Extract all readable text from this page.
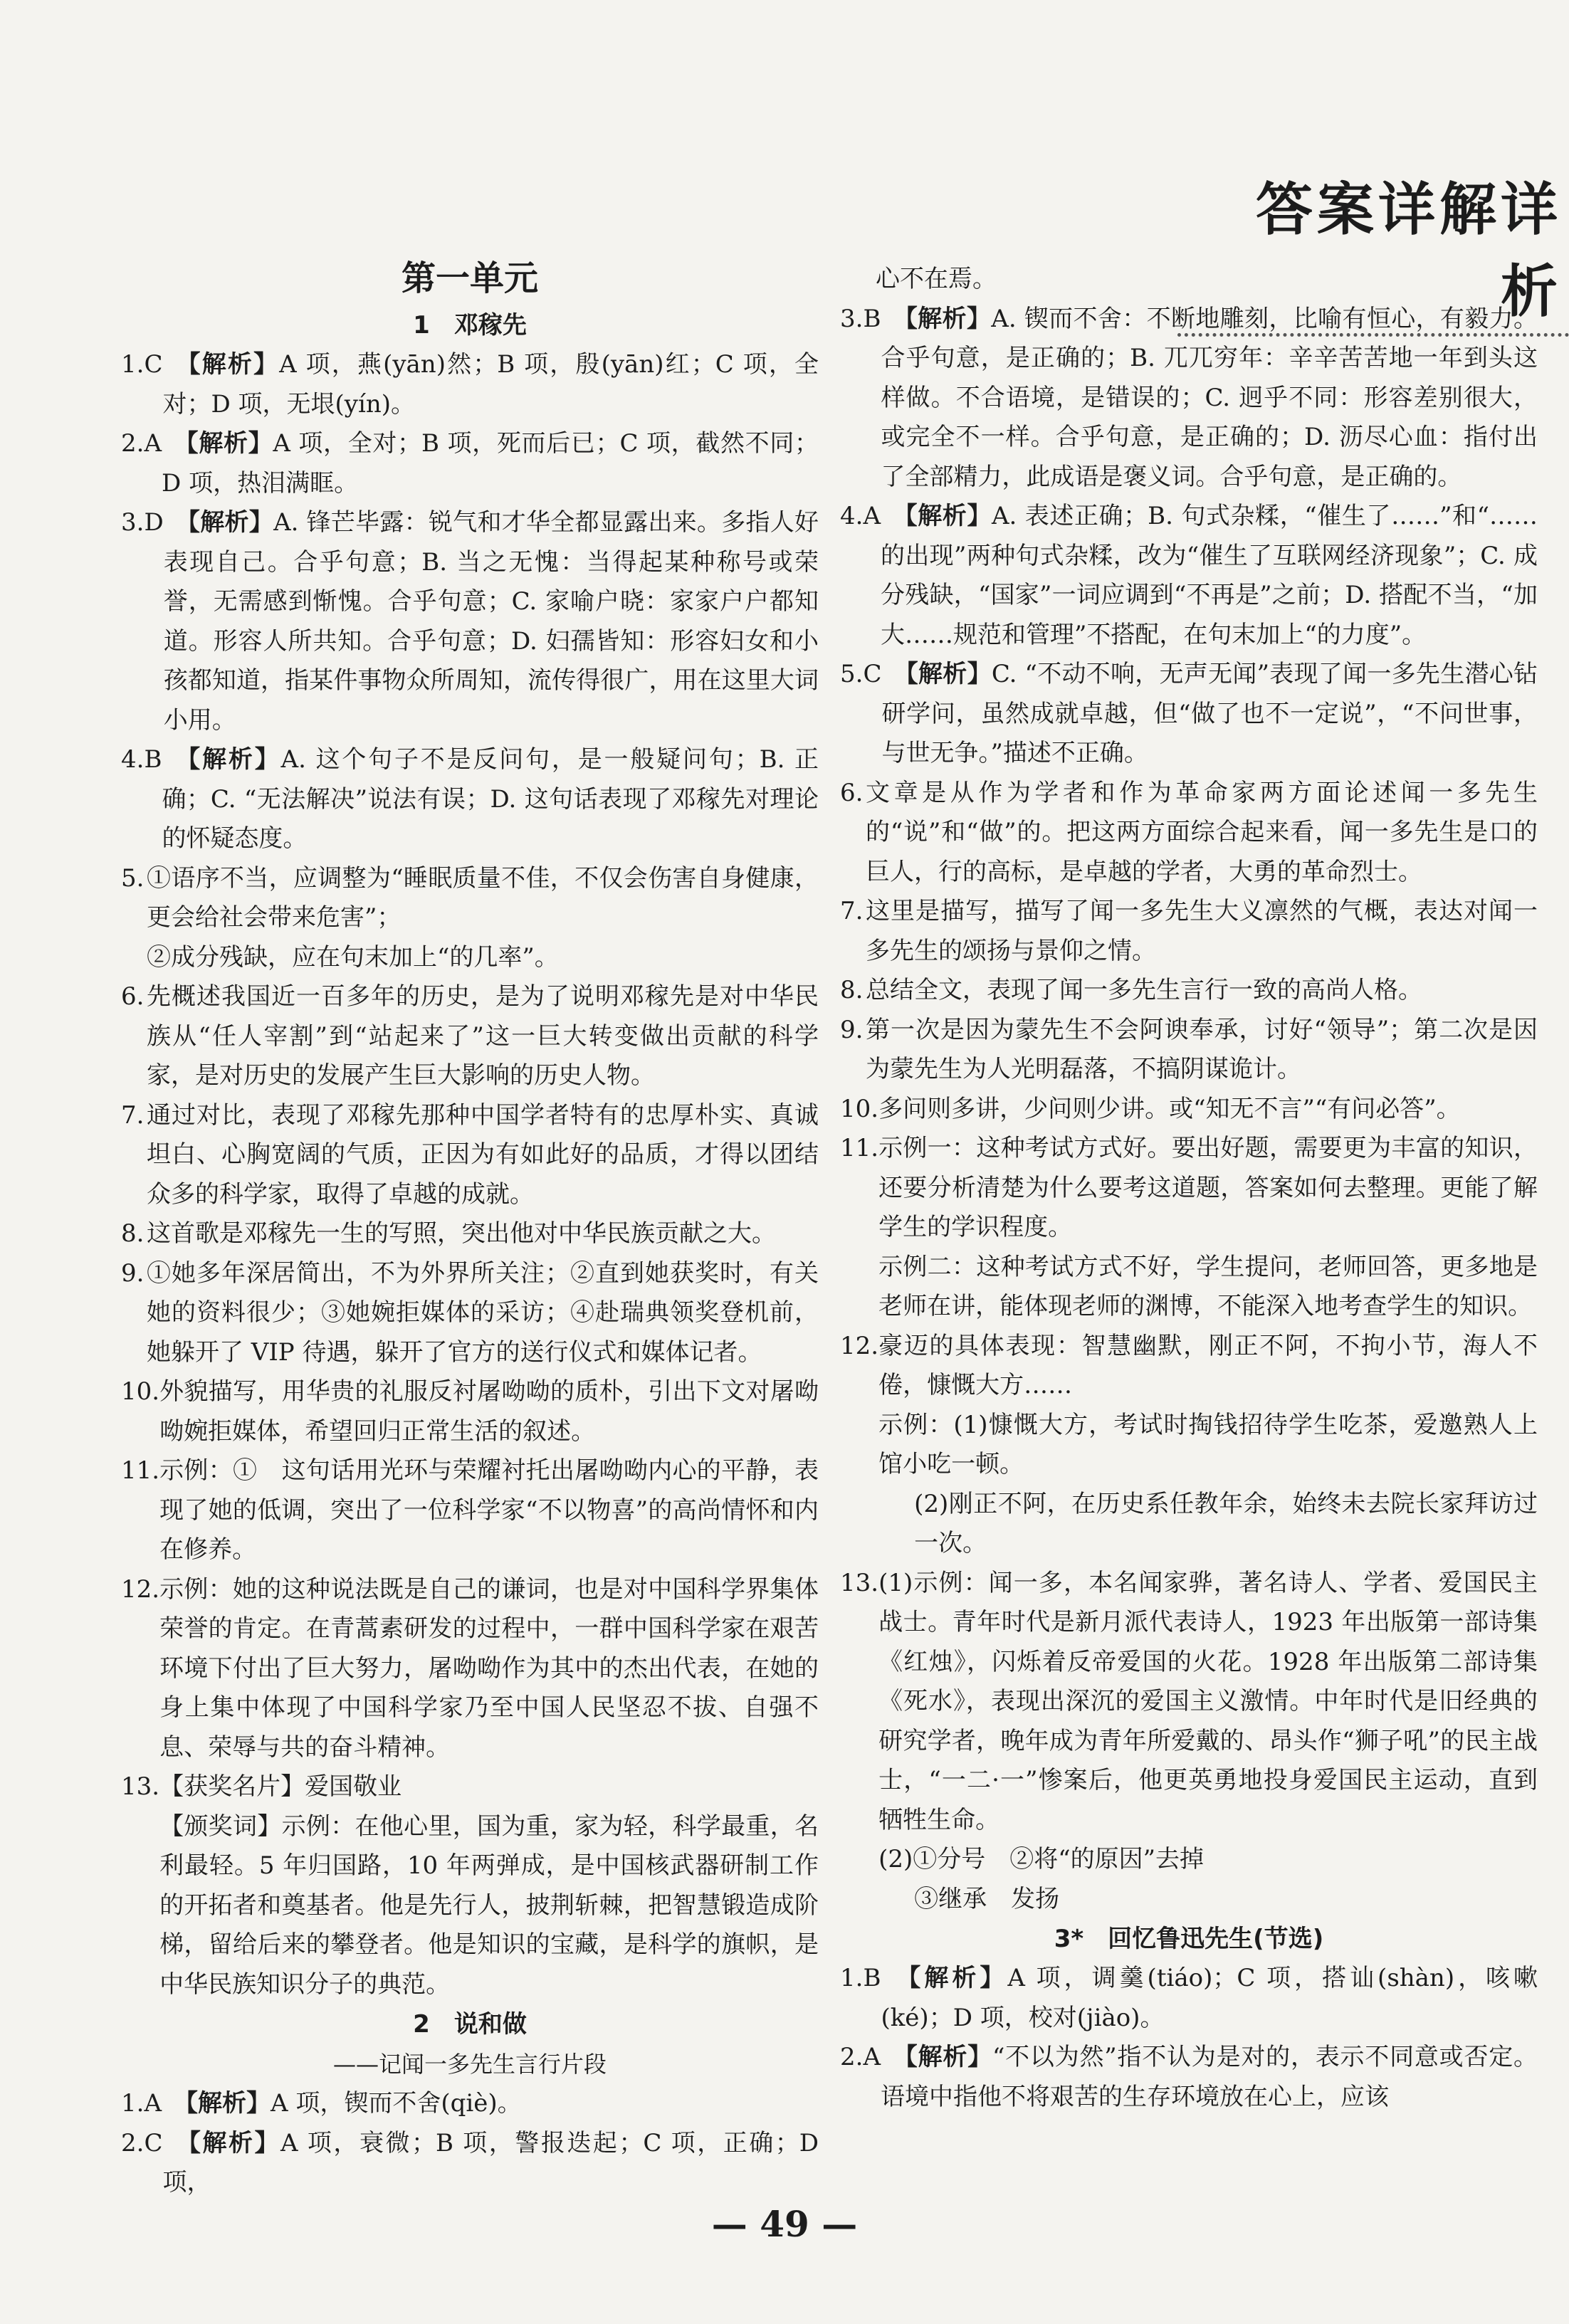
答案详解详析
第一单元
1　邓稼先
1.C
　	【解析】A 项，燕(yān)然；B 项，殷(yān)红；C 项，全对；D 项，无垠(yín)。
2.A
　	【解析】A 项，全对；B 项，死而后已；C 项，截然不同；D 项，热泪满眶。
3.D
　	【解析】A. 锋芒毕露：锐气和才华全都显露出来。多指人好表现自己。合乎句意；B. 当之无愧：当得起某种称号或荣誉，无需感到惭愧。合乎句意；C. 家喻户晓：家家户户都知道。形容人所共知。合乎句意；D. 妇孺皆知：形容妇女和小孩都知道，指某件事物众所周知，流传得很广，用在这里大词小用。
4.B
　	【解析】A. 这个句子不是反问句，是一般疑问句；B. 正确；C. “无法解决”说法有误；D. 这句话表现了邓稼先对理论的怀疑态度。
5. ①语序不当，应调整为“睡眠质量不佳，不仅会伤害自身健康，更会给社会带来危害”；
②成分残缺，应在句末加上“的几率”。
6. 先概述我国近一百多年的历史，是为了说明邓稼先是对中华民族从“任人宰割”到“站起来了”这一巨大转变做出贡献的科学家，是对历史的发展产生巨大影响的历史人物。
7. 通过对比，表现了邓稼先那种中国学者特有的忠厚朴实、真诚坦白、心胸宽阔的气质，正因为有如此好的品质，才得以团结众多的科学家，取得了卓越的成就。
8. 这首歌是邓稼先一生的写照，突出他对中华民族贡献之大。
9. ①她多年深居简出，不为外界所关注；②直到她获奖时，有关她的资料很少；③她婉拒媒体的采访；④赴瑞典领奖登机前，她躲开了 VIP 待遇，躲开了官方的送行仪式和媒体记者。
10. 外貌描写，用华贵的礼服反衬屠呦呦的质朴，引出下文对屠呦呦婉拒媒体，希望回归正常生活的叙述。
11. 示例：①　这句话用光环与荣耀衬托出屠呦呦内心的平静，表现了她的低调，突出了一位科学家“不以物喜”的高尚情怀和内在修养。
12. 示例：她的这种说法既是自己的谦词，也是对中国科学界集体荣誉的肯定。在青蒿素研发的过程中，一群中国科学家在艰苦环境下付出了巨大努力，屠呦呦作为其中的杰出代表，在她的身上集中体现了中国科学家乃至中国人民坚忍不拔、自强不息、荣辱与共的奋斗精神。
13. 【获奖名片】爱国敬业
【颁奖词】示例：在他心里，国为重，家为轻，科学最重，名利最轻。5 年归国路，10 年两弹成，是中国核武器研制工作的开拓者和奠基者。他是先行人，披荆斩棘，把智慧锻造成阶梯，留给后来的攀登者。他是知识的宝藏，是科学的旗帜，是中华民族知识分子的典范。
2　说和做
——记闻一多先生言行片段
1.A
　	【解析】A 项，锲而不舍(qiè)。
2.C
　	【解析】A 项，衰微；B 项，警报迭起；C 项，正确；D 项，
心不在焉。
3.B
　	【解析】A. 锲而不舍：不断地雕刻，比喻有恒心，有毅力。合乎句意，是正确的；B. 兀兀穷年：辛辛苦苦地一年到头这样做。不合语境，是错误的；C. 迥乎不同：形容差别很大，或完全不一样。合乎句意，是正确的；D. 沥尽心血：指付出了全部精力，此成语是褒义词。合乎句意，是正确的。
4.A
　	【解析】A. 表述正确；B. 句式杂糅，“催生了……”和“……的出现”两种句式杂糅，改为“催生了互联网经济现象”；C. 成分残缺，“国家”一词应调到“不再是”之前；D. 搭配不当，“加大……规范和管理”不搭配，在句末加上“的力度”。
5.C
　	【解析】C. “不动不响，无声无闻”表现了闻一多先生潜心钻研学问，虽然成就卓越，但“做了也不一定说”，“不问世事，与世无争。”描述不正确。
6. 文章是从作为学者和作为革命家两方面论述闻一多先生的“说”和“做”的。把这两方面综合起来看，闻一多先生是口的巨人，行的高标，是卓越的学者，大勇的革命烈士。
7. 这里是描写，描写了闻一多先生大义凛然的气概，表达对闻一多先生的颂扬与景仰之情。
8. 总结全文，表现了闻一多先生言行一致的高尚人格。
9. 第一次是因为蒙先生不会阿谀奉承，讨好“领导”；第二次是因为蒙先生为人光明磊落，不搞阴谋诡计。
10. 多问则多讲，少问则少讲。或“知无不言”“有问必答”。
11. 示例一：这种考试方式好。要出好题，需要更为丰富的知识，还要分析清楚为什么要考这道题，答案如何去整理。更能了解学生的学识程度。
示例二：这种考试方式不好，学生提问，老师回答，更多地是老师在讲，能体现老师的渊博，不能深入地考查学生的知识。
12. 豪迈的具体表现：智慧幽默，刚正不阿，不拘小节，海人不倦，慷慨大方……
示例：(1)慷慨大方，考试时掏钱招待学生吃茶，爱邀熟人上馆小吃一顿。
(2)刚正不阿，在历史系任教年余，始终未去院长家拜访过一次。
13. (1)示例：闻一多，本名闻家骅，著名诗人、学者、爱国民主战士。青年时代是新月派代表诗人，1923 年出版第一部诗集《红烛》，闪烁着反帝爱国的火花。1928 年出版第二部诗集《死水》，表现出深沉的爱国主义激情。中年时代是旧经典的研究学者，晚年成为青年所爱戴的、昂头作“狮子吼”的民主战士，“一二·一”惨案后，他更英勇地投身爱国民主运动，直到牺牲生命。
(2)①分号　②将“的原因”去掉
③继承　发扬
3*　回忆鲁迅先生(节选)
1.B
　	【解析】A 项，调羹(tiáo)；C 项，搭讪(shàn)，咳嗽(ké)；D 项，校对(jiào)。
2.A
　	【解析】“不以为然”指不认为是对的，表示不同意或否定。语境中指他不将艰苦的生存环境放在心上，应该
— 49 —
